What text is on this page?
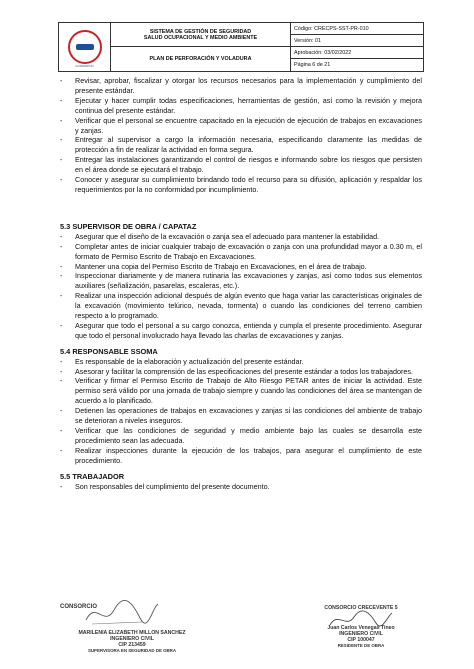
CONSORCIO
SISTEMA DE GESTIÓN DE SEGURIDAD
SALUD OCUPACIONAL Y MEDIO AMBIENTE
PLAN DE PERFORACIÓN Y VOLADURA
Código: CRECPS-SST-PR-010
Versión: 01
Aprobación: 03/02/2022
Página 6 de 21
- Revisar, aprobar, fiscalizar y otorgar los recursos necesarios para la implementación y cumplimiento del presente estándar.
- Ejecutar y hacer cumplir todas especificaciones, herramientas de gestión, así como la revisión y mejora continua del presente estándar.
- Verificar que el personal se encuentre capacitado en la ejecución de ejecución de trabajos en excavaciones y zanjas.
- Entregar al supervisor a cargo la información necesaria, especificando claramente las medidas de protección a fin de realizar la actividad en forma segura.
- Entregar las instalaciones garantizando el control de riesgos e informando sobre los riesgos que persisten en el área donde se ejecutará el trabajo.
- Conocer y asegurar su cumplimiento brindando todo el recurso para su difusión, aplicación y respaldar los requerimientos por la no conformidad por incumplimiento.

5.3 SUPERVISOR DE OBRA / CAPATAZ

- Asegurar que el diseño de la excavación o zanja sea el adecuado para mantener la estabilidad.
- Completar antes de iniciar cualquier trabajo de excavación o zanja con una profundidad mayor a 0.30 m, el formato de Permiso Escrito de Trabajo en Excavaciones.
- Mantener una copia del Permiso Escrito de Trabajo en Excavaciones, en el área de trabajo.
- Inspeccionar diariamente y de manera rutinaria las excavaciones y zanjas, así como todos sus elementos auxiliares (señalización, pasarelas, escaleras, etc.).
- Realizar una inspección adicional después de algún evento que haga variar las características originales de la excavación (movimiento telúrico, nevada, tormenta) o cuando las condiciones del terreno cambien respecto a lo programado.
- Asegurar que todo el personal a su cargo conozca, entienda y cumpla el presente procedimiento. Asegurar que todo el personal involucrado haya llevado las charlas de excavaciones y zanjas.

5.4 RESPONSABLE SSOMA

- Es responsable de la elaboración y actualización del presente estándar.
- Asesorar y facilitar la comprensión de las especificaciones del presente estándar a todos los trabajadores.
- Verificar y firmar el Permiso Escrito de Trabajo de Alto Riesgo PETAR antes de iniciar la actividad. Este permiso será válido por una jornada de trabajo siempre y cuando las condiciones del área se mantengan de acuerdo a lo planificado.
- Detienen las operaciones de trabajos en excavaciones y zanjas si las condiciones del ambiente de trabajo se deterioran a niveles inseguros.
- Verificar que las condiciones de seguridad y medio ambiente bajo las cuales se desarrolla este procedimiento sean las adecuada.
- Realizar inspecciones durante la ejecución de los trabajos, para asegurar el cumplimiento de este procedimiento.

5.5 TRABAJADOR

- Son responsables del cumplimiento del presente documento.
CONSORCIO
MARILENIA ELIZABETH MILLON SANCHEZ
INGENIERO CIVIL
CIP 213459
SUPERVISORA EN SEGURIDAD DE OBRA
CONSORCIO CRECEVENTE 5
Juan Carlos Venegas Tineo
INGENIERO CIVIL
CIP 100047
RESIDENTE DE OBRA
